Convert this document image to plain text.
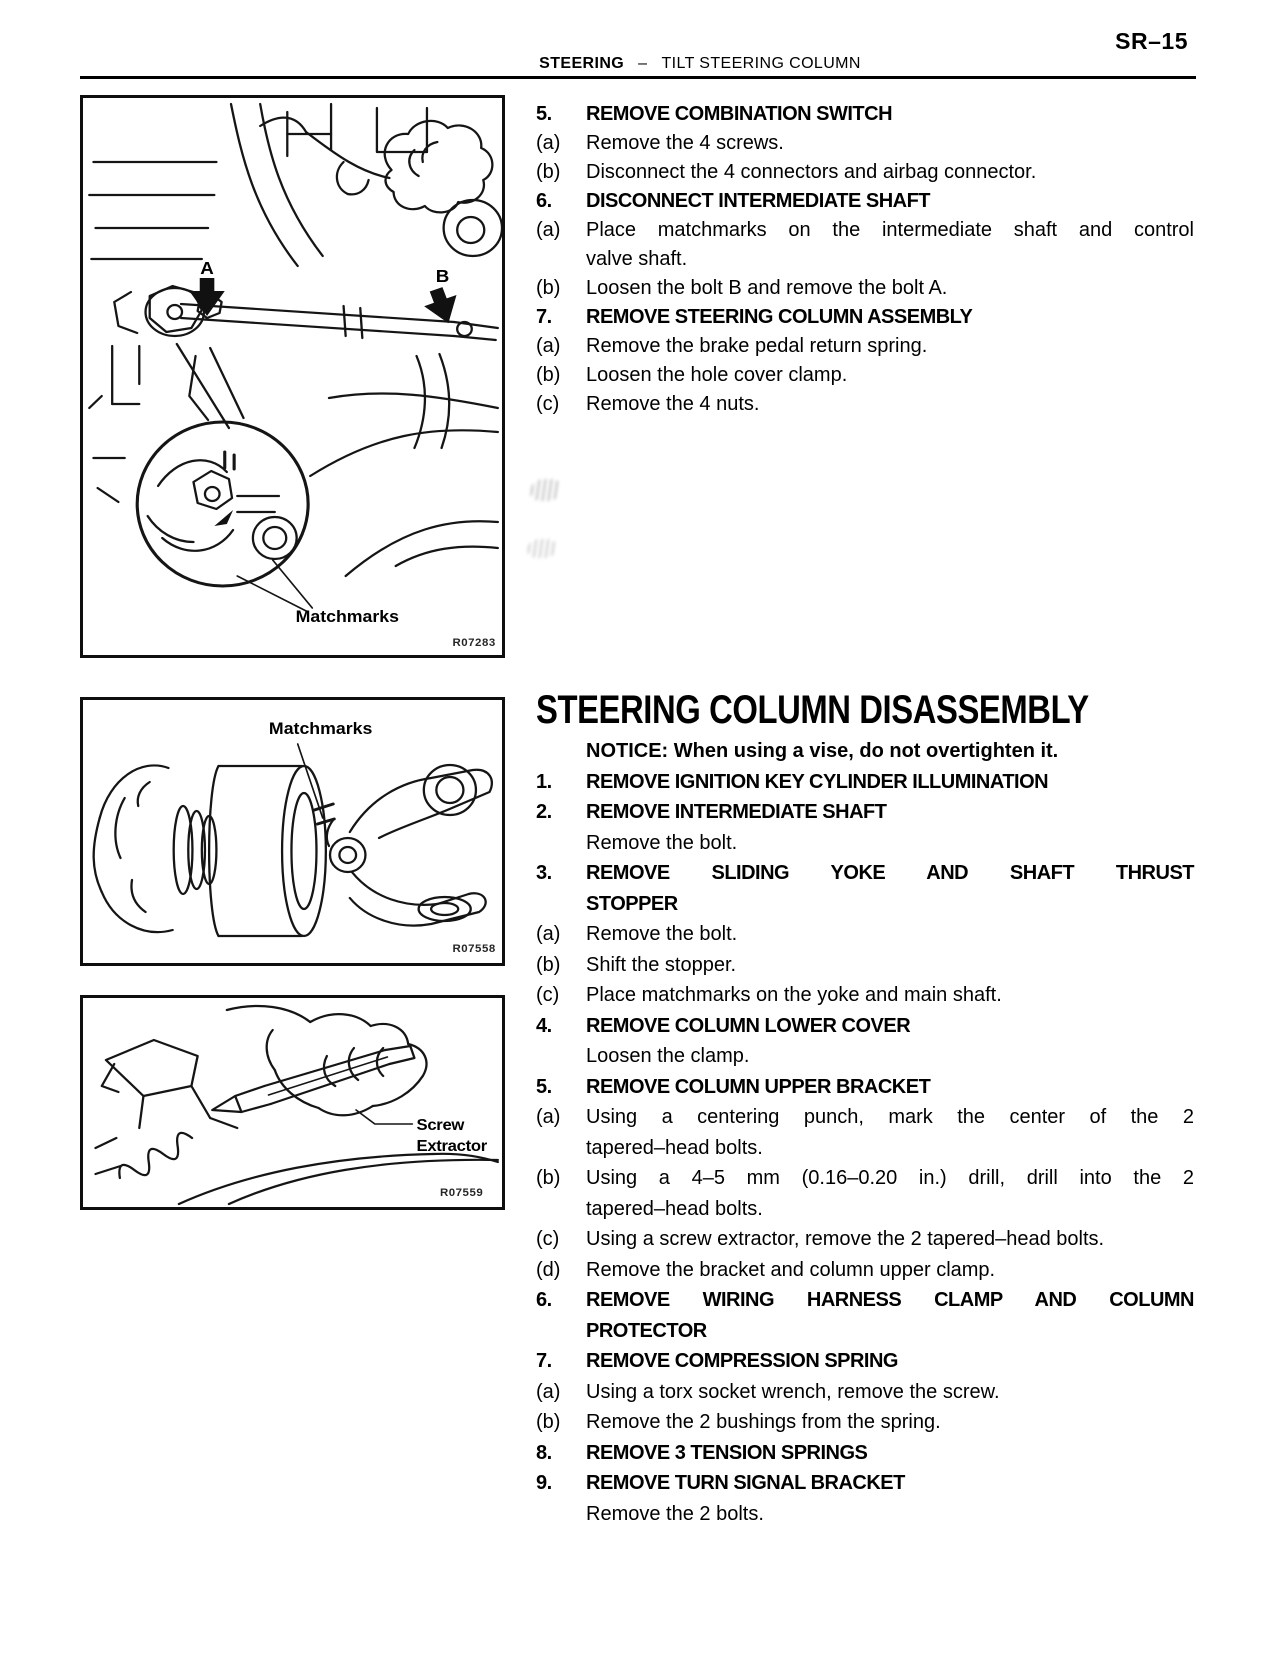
SR–15
STEERING – TILT STEERING COLUMN
A	B
Matchmarks
R07283
Matchmarks
R07558
Screw
Extractor
R07559
5.	REMOVE COMBINATION SWITCH
(a)	Remove the 4 screws.
(b)	Disconnect the 4 connectors and airbag connector.
6.	DISCONNECT INTERMEDIATE SHAFT
(a)	Place matchmarks on the intermediate shaft and control
valve shaft.
(b)	Loosen the bolt B and remove the bolt A.
7.	REMOVE STEERING COLUMN ASSEMBLY
(a)	Remove the brake pedal return spring.
(b)	Loosen the hole cover clamp.
(c)	Remove the 4 nuts.
STEERING COLUMN DISASSEMBLY
NOTICE: When using a vise, do not overtighten it.
1.	REMOVE IGNITION KEY CYLINDER ILLUMINATION
2.	REMOVE INTERMEDIATE SHAFT
Remove the bolt.
3.	REMOVE SLIDING YOKE AND SHAFT THRUST
STOPPER
(a)	Remove the bolt.
(b)	Shift the stopper.
(c)	Place matchmarks on the yoke and main shaft.
4.	REMOVE COLUMN LOWER COVER
Loosen the clamp.
5.	REMOVE COLUMN UPPER BRACKET
(a)	Using a centering punch, mark the center of the 2
tapered–head bolts.
(b)	Using a 4–5 mm (0.16–0.20 in.) drill, drill into the 2
tapered–head bolts.
(c)	Using a screw extractor, remove the 2 tapered–head bolts.
(d)	Remove the bracket and column upper clamp.
6.	REMOVE WIRING HARNESS CLAMP AND COLUMN
PROTECTOR
7.	REMOVE COMPRESSION SPRING
(a)	Using a torx socket wrench, remove the screw.
(b)	Remove the 2 bushings from the spring.
8.	REMOVE 3 TENSION SPRINGS
9.	REMOVE TURN SIGNAL BRACKET
Remove the 2 bolts.
